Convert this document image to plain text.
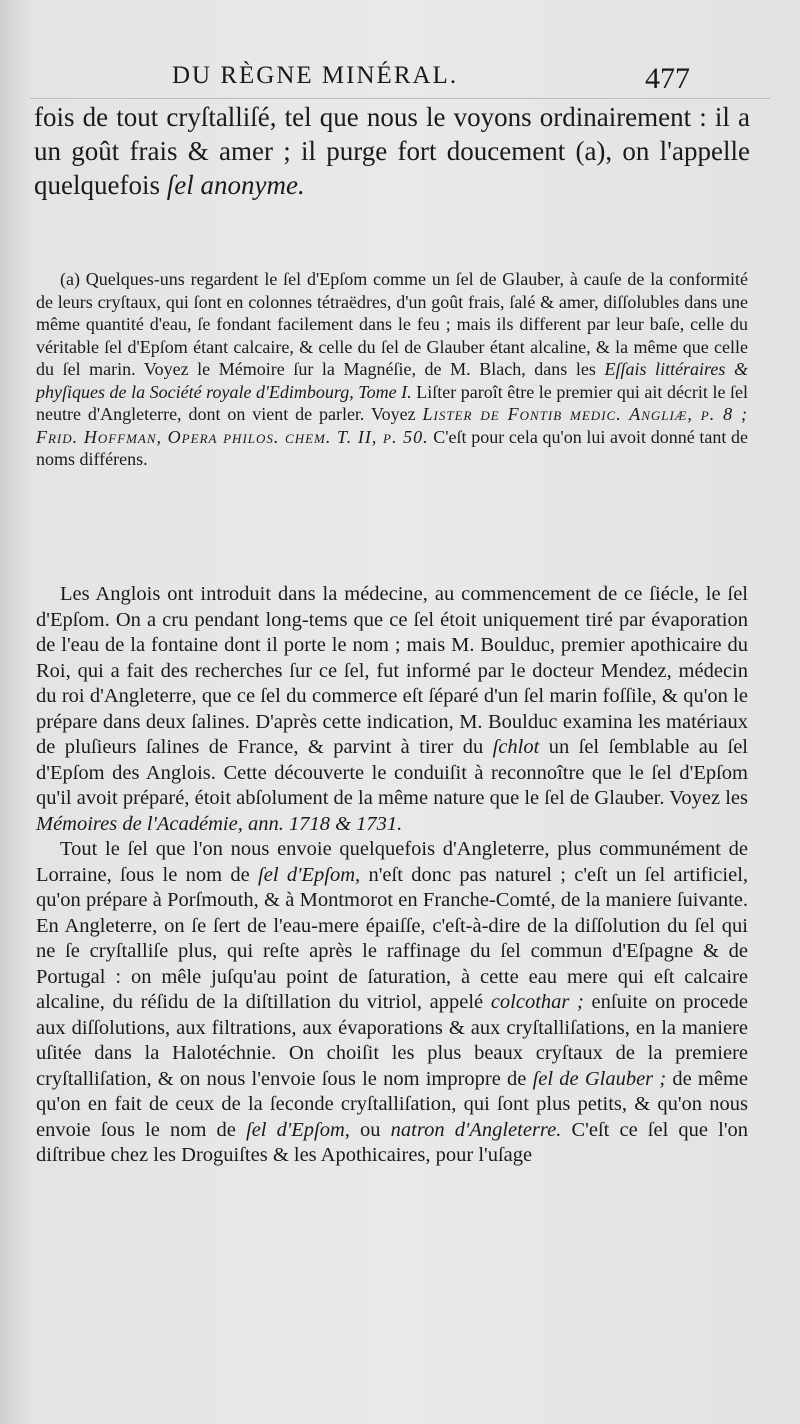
DU RÈGNE MINÉRAL.	477
fois de tout cryſtalliſé, tel que nous le voyons ordinairement : il a un goût frais & amer ; il purge fort doucement (a), on l'appelle quelquefois ſel anonyme.
(a) Quelques-uns regardent le ſel d'Epſom comme un ſel de Glauber, à cauſe de la conformité de leurs cryſtaux, qui ſont en colonnes tétraëdres, d'un goût frais, ſalé & amer, diſſolubles dans une même quantité d'eau, ſe fondant facilement dans le feu ; mais ils different par leur baſe, celle du véritable ſel d'Epſom étant calcaire, & celle du ſel de Glauber étant alcaline, & la même que celle du ſel marin. Voyez le Mémoire ſur la Magnéſie, de M. Blach, dans les Eſſais littéraires & phyſiques de la Société royale d'Edimbourg, Tome I. Liſter paroît être le premier qui ait décrit le ſel neutre d'Angleterre, dont on vient de parler. Voyez Lister de Fontib medic. Angliæ, p. 8 ; Frid. Hoffman, Opera philoſ. chem. T. II, p. 50. C'eſt pour cela qu'on lui avoit donné tant de noms différens.

Les Anglois ont introduit dans la médecine, au commencement de ce ſiécle, le ſel d'Epſom. On a cru pendant long-tems que ce ſel étoit uniquement tiré par évaporation de l'eau de la fontaine dont il porte le nom ; mais M. Boulduc, premier apothicaire du Roi, qui a fait des recherches ſur ce ſel, fut informé par le docteur Mendez, médecin du roi d'Angleterre, que ce ſel du commerce eſt ſéparé d'un ſel marin foſſile, & qu'on le prépare dans deux ſalines. D'après cette indication, M. Boulduc examina les matériaux de pluſieurs ſalines de France, & parvint à tirer du ſchlot un ſel ſemblable au ſel d'Epſom des Anglois. Cette découverte le conduiſit à reconnoître que le ſel d'Epſom qu'il avoit préparé, étoit abſolument de la même nature que le ſel de Glauber. Voyez les Mémoires de l'Académie, ann. 1718 & 1731.

Tout le ſel que l'on nous envoie quelquefois d'Angleterre, plus communément de Lorraine, ſous le nom de ſel d'Epſom, n'eſt donc pas naturel ; c'eſt un ſel artificiel, qu'on prépare à Porſmouth, & à Montmorot en Franche-Comté, de la maniere ſuivante. En Angleterre, on ſe ſert de l'eau-mere épaiſſe, c'eſt-à-dire de la diſſolution du ſel qui ne ſe cryſtalliſe plus, qui reſte après le raffinage du ſel commun d'Eſpagne & de Portugal : on mêle juſqu'au point de ſaturation, à cette eau mere qui eſt calcaire alcaline, du réſidu de la diſtillation du vitriol, appelé colcothar ; enſuite on procede aux diſſolutions, aux filtrations, aux évaporations & aux cryſtalliſations, en la maniere uſitée dans la Halotéchnie. On choiſit les plus beaux cryſtaux de la premiere cryſtalliſation, & on nous l'envoie ſous le nom impropre de ſel de Glauber ; de même qu'on en fait de ceux de la ſeconde cryſtalliſation, qui ſont plus petits, & qu'on nous envoie ſous le nom de ſel d'Epſom, ou natron d'Angleterre. C'eſt ce ſel que l'on diſtribue chez les Droguiſtes & les Apothicaires, pour l'uſage
